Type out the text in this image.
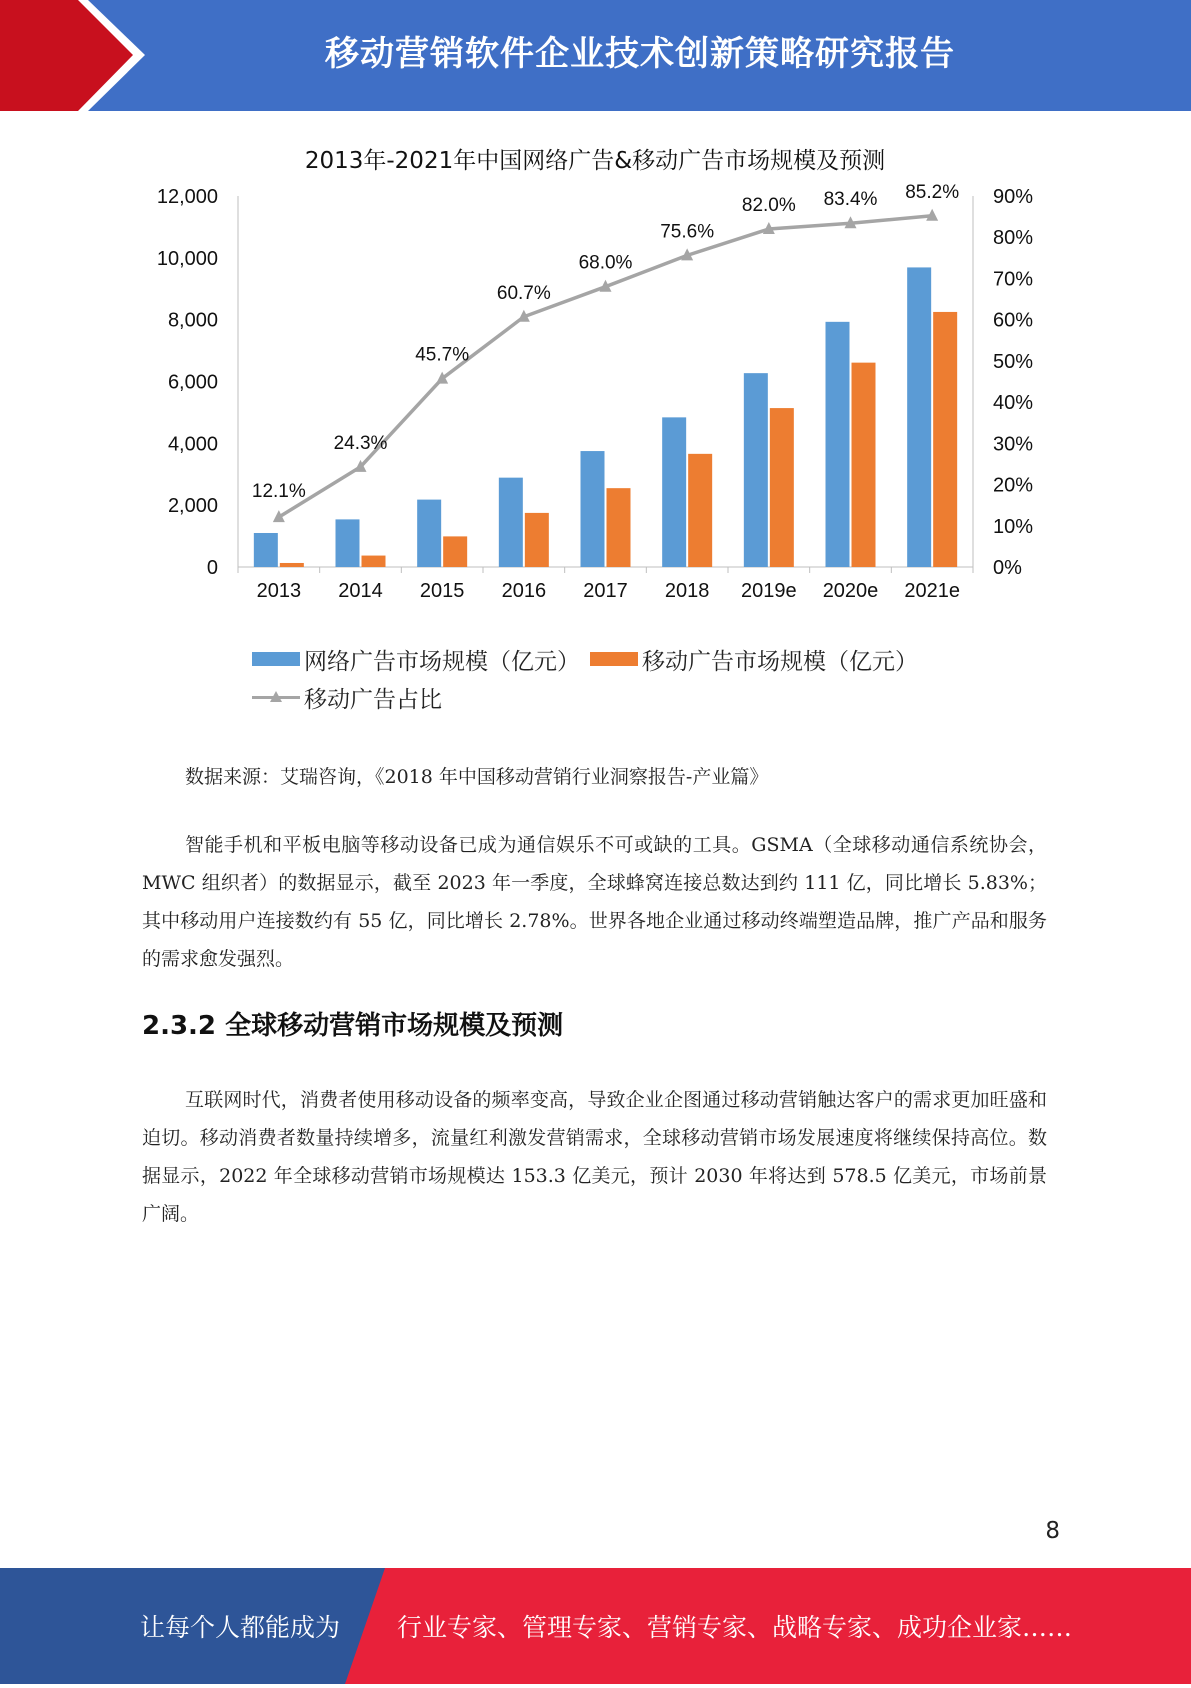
移动营销软件企业技术创新策略研究报告
2013年-2021年中国网络广告&移动广告市场规模及预测
0
2,000
4,000
6,000
8,000
10,000
12,000
0%
10%
20%
30%
40%
50%
60%
70%
80%
90%
2013 2014 2015 2016 2017 2018 2019e 2020e 2021e
12.1%
24.3%
45.7%
60.7%
68.0%
75.6%
82.0% 83.4% 85.2%
网络广告市场规模（亿元）	移动广告市场规模（亿元）
移动广告占比
数据来源：艾瑞咨询，《2018 年中国移动营销行业洞察报告-产业篇》

智能手机和平板电脑等移动设备已成为通信娱乐不可或缺的工具。GSMA（全球移动通信系统协会，MWC 组织者）的数据显示，截至 2023 年一季度，全球蜂窝连接总数达到约 111 亿，同比增长 5.83%；其中移动用户连接数约有 55 亿，同比增长 2.78%。世界各地企业通过移动终端塑造品牌，推广产品和服务的需求愈发强烈。

2.3.2 全球移动营销市场规模及预测

互联网时代，消费者使用移动设备的频率变高，导致企业企图通过移动营销触达客户的需求更加旺盛和迫切。移动消费者数量持续增多，流量红利激发营销需求，全球移动营销市场发展速度将继续保持高位。数据显示，2022 年全球移动营销市场规模达 153.3 亿美元，预计 2030 年将达到 578.5 亿美元，市场前景广阔。

8
让每个人都能成为 行业专家、管理专家、营销专家、战略专家、成功企业家……
